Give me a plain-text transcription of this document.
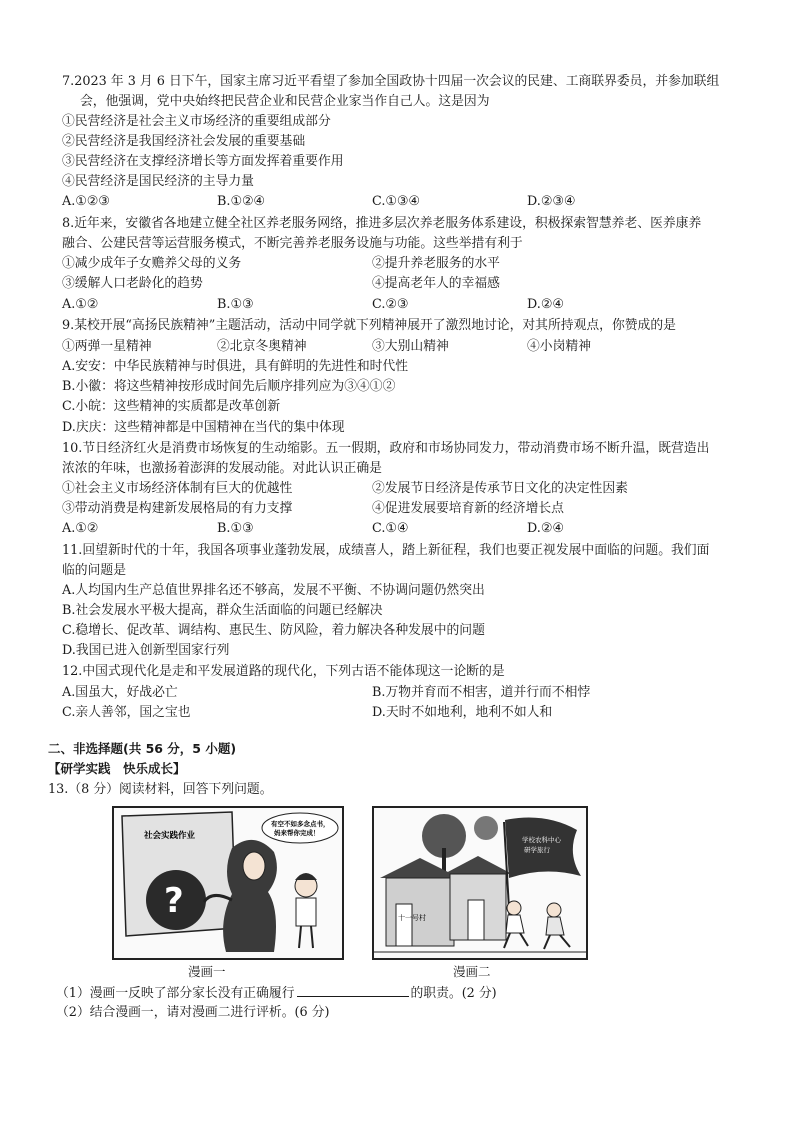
7.2023 年 3 月 6 日下午，国家主席习近平看望了参加全国政协十四届一次会议的民建、工商联界委员，并参加联组
会，他强调，党中央始终把民营企业和民营企业家当作自己人。这是因为
①民营经济是社会主义市场经济的重要组成部分
②民营经济是我国经济社会发展的重要基础
③民营经济在支撑经济增长等方面发挥着重要作用
④民营经济是国民经济的主导力量
A.①②③	B.①②④	C.①③④	D.②③④
8.近年来，安徽省各地建立健全社区养老服务网络，推进多层次养老服务体系建设，积极探索智慧养老、医养康养
融合、公建民营等运营服务模式，不断完善养老服务设施与功能。这些举措有利于
①减少成年子女赡养父母的义务	②提升养老服务的水平
③缓解人口老龄化的趋势	④提高老年人的幸福感
A.①②	B.①③	C.②③	D.②④
9.某校开展“高扬民族精神”主题活动，活动中同学就下列精神展开了激烈地讨论，对其所持观点，你赞成的是
①两弹一星精神	②北京冬奥精神	③大别山精神	④小岗精神
A.安安：中华民族精神与时俱进，具有鲜明的先进性和时代性
B.小徽：将这些精神按形成时间先后顺序排列应为③④①②
C.小皖：这些精神的实质都是改革创新
D.庆庆：这些精神都是中国精神在当代的集中体现
10.节日经济红火是消费市场恢复的生动缩影。五一假期，政府和市场协同发力，带动消费市场不断升温，既营造出
浓浓的年味，也激扬着澎湃的发展动能。对此认识正确是
①社会主义市场经济体制有巨大的优越性	②发展节日经济是传承节日文化的决定性因素
③带动消费是构建新发展格局的有力支撑	④促进发展要培育新的经济增长点
A.①②	B.①③	C.①④	D.②④
11.回望新时代的十年，我国各项事业蓬勃发展，成绩喜人，踏上新征程，我们也要正视发展中面临的问题。我们面
临的问题是
A.人均国内生产总值世界排名还不够高，发展不平衡、不协调问题仍然突出
B.社会发展水平极大提高，群众生活面临的问题已经解决
C.稳增长、促改革、调结构、惠民生、防风险，着力解决各种发展中的问题
D.我国已进入创新型国家行列
12.中国式现代化是走和平发展道路的现代化，下列古语不能体现这一论断的是
A.国虽大，好战必亡	B.万物并育而不相害，道并行而不相悖
C.亲人善邻，国之宝也	D.天时不如地利，地利不如人和
二、非选择题(共 56 分，5 小题)
【研学实践　快乐成长】
13.（8 分）阅读材料，回答下列问题。
社会实践作业
?
有空不如多念点书，
妈来帮你完成！
漫画一
十一号村
学校农科中心
研学旅行
漫画二
（1）漫画一反映了部分家长没有正确履行	的职责。(2 分)
（2）结合漫画一，请对漫画二进行评析。(6 分)
